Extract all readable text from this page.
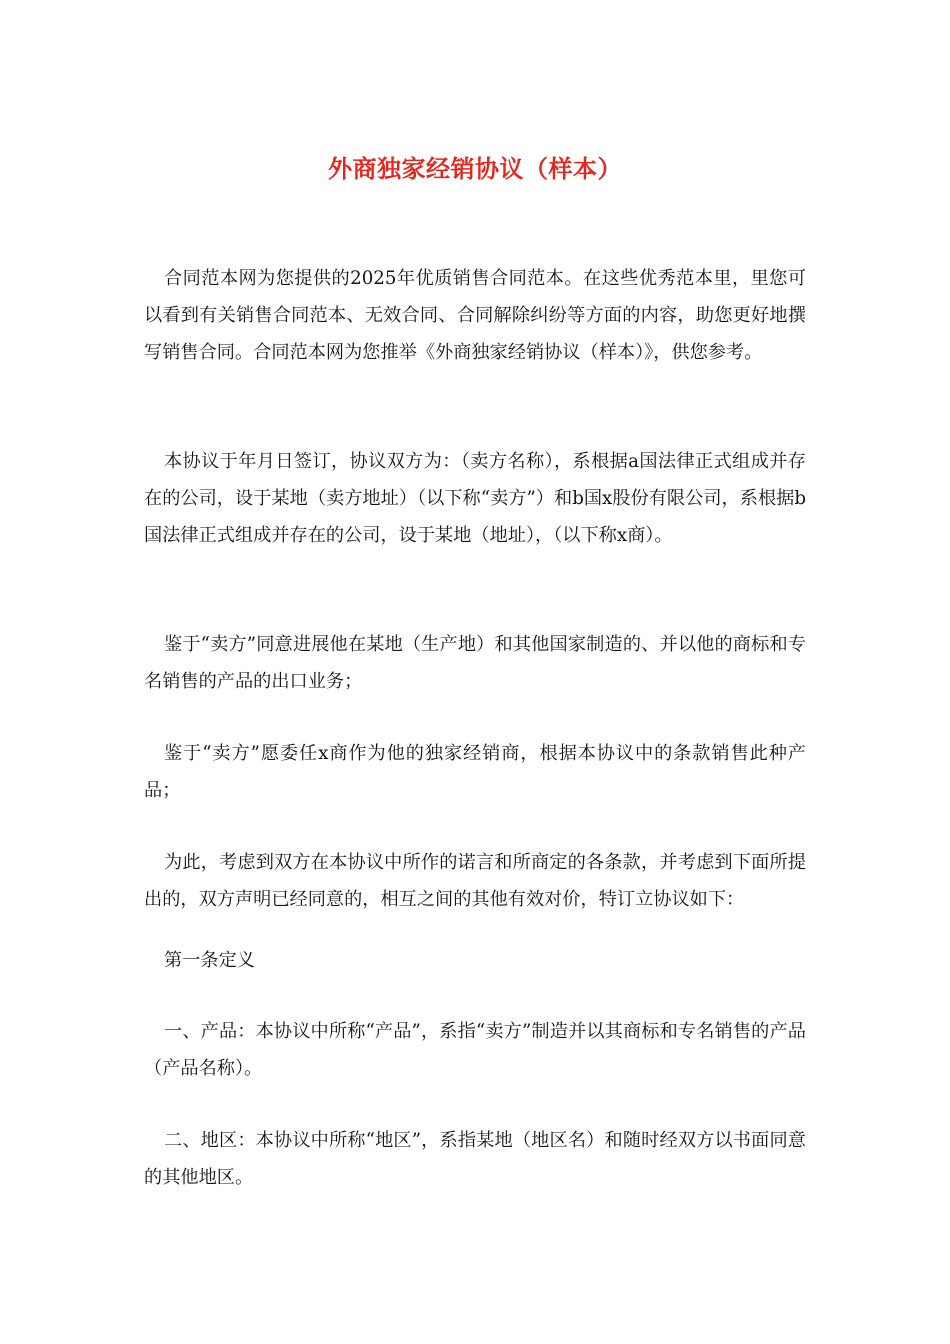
外商独家经销协议（样本）
合同范本网为您提供的2025年优质销售合同范本。在这些优秀范本里，里您可以看到有关销售合同范本、无效合同、合同解除纠纷等方面的内容，助您更好地撰写销售合同。合同范本网为您推举《外商独家经销协议（样本）》，供您参考。
本协议于年月日签订，协议双方为：（卖方名称），系根据a国法律正式组成并存在的公司，设于某地（卖方地址）（以下称“卖方”）和b国x股份有限公司，系根据b国法律正式组成并存在的公司，设于某地（地址），（以下称x商）。
鉴于“卖方”同意进展他在某地（生产地）和其他国家制造的、并以他的商标和专名销售的产品的出口业务；
鉴于“卖方”愿委任x商作为他的独家经销商，根据本协议中的条款销售此种产品；
为此，考虑到双方在本协议中所作的诺言和所商定的各条款，并考虑到下面所提出的，双方声明已经同意的，相互之间的其他有效对价，特订立协议如下：
第一条定义
一、产品：本协议中所称“产品”，系指“卖方”制造并以其商标和专名销售的产品（产品名称）。
二、地区：本协议中所称“地区”，系指某地（地区名）和随时经双方以书面同意的其他地区。
